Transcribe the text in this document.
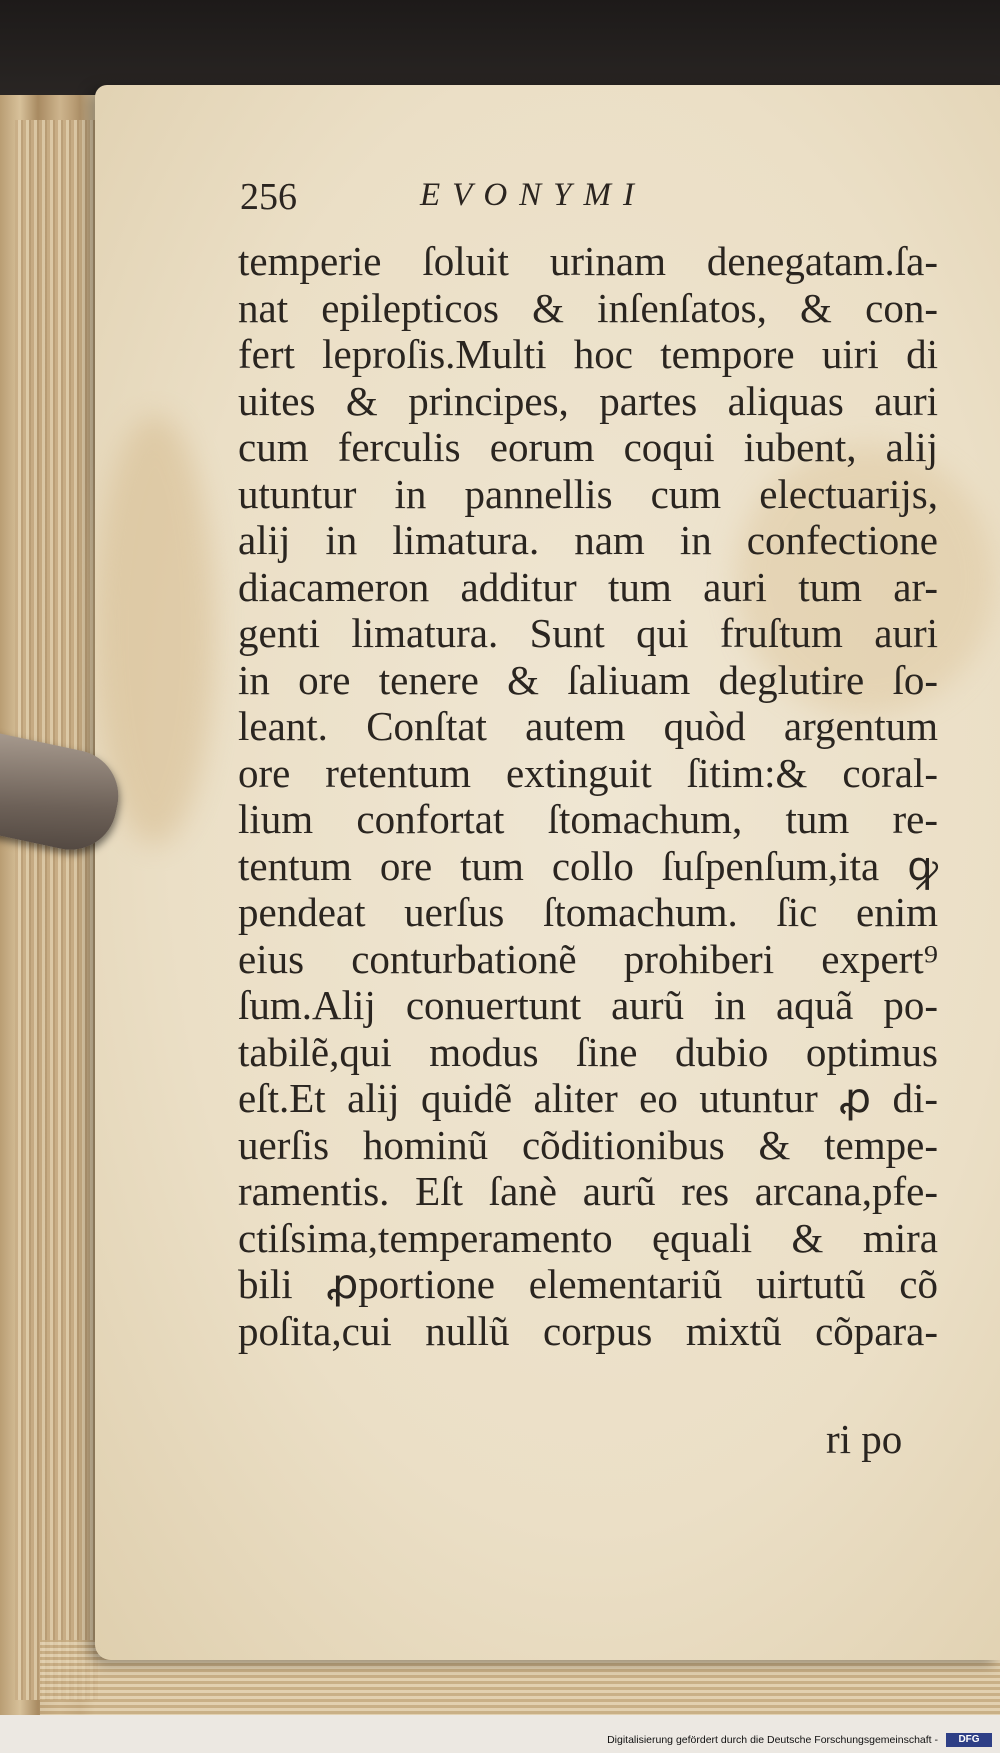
256	EVONYMI
temperie ſoluit urinam denegatam.ſa-
nat epilepticos & inſenſatos, & con-
fert leproſis.Multi hoc tempore uiri di
uites & principes, partes aliquas auri
cum ferculis eorum coqui iubent, alij
utuntur in pannellis cum electuarijs,
alij in limatura. nam in confectione
diacameron additur tum auri tum ar-
genti limatura. Sunt qui fruſtum auri
in ore tenere & ſaliuam deglutire ſo-
leant. Conſtat autem quòd argentum
ore retentum extinguit ſitim:& coral-
lium confortat ſtomachum, tum re-
tentum ore tum collo ſuſpenſum,ita ꝙ
pendeat uerſus ſtomachum. ſic enim
eius conturbationẽ prohiberi expert⁹
ſum.Alij conuertunt aurũ in aquã po-
tabilẽ,qui modus ſine dubio optimus
eſt.Et alij quidẽ aliter eo utuntur ꝓ di-
uerſis hominũ cõditionibus & tempe-
ramentis. Eſt ſanè aurũ res arcana,pfe-
ctiſsima,temperamento ęquali & mira
bili ꝓportione elementariũ uirtutũ cõ
poſita,cui nullũ corpus mixtũ cõpara-
ri po
Digitalisierung gefördert durch die Deutsche Forschungsgemeinschaft -	DFG
